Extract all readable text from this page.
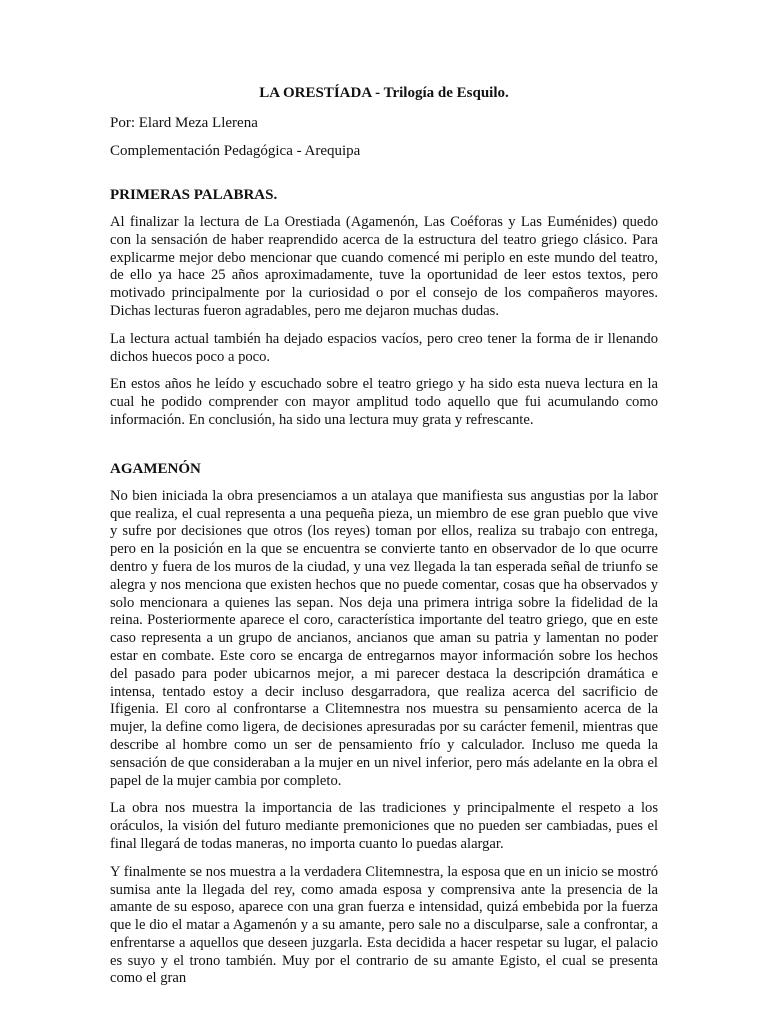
LA ORESTÍADA - Trilogía de Esquilo.
Por: Elard Meza Llerena
Complementación Pedagógica - Arequipa
PRIMERAS PALABRAS.

Al finalizar la lectura de La Orestiada (Agamenón, Las Coéforas y Las Euménides) quedo con la sensación de haber reaprendido acerca de la estructura del teatro griego clásico. Para explicarme mejor debo mencionar que cuando comencé mi periplo en este mundo del teatro, de ello ya hace 25 años aproximadamente, tuve la oportunidad de leer estos textos, pero motivado principalmente por la curiosidad o por el consejo de los compañeros mayores. Dichas lecturas fueron agradables, pero me dejaron muchas dudas.

La lectura actual también ha dejado espacios vacíos, pero creo tener la forma de ir llenando dichos huecos poco a poco.

En estos años he leído y escuchado sobre el teatro griego y ha sido esta nueva lectura en la cual he podido comprender con mayor amplitud todo aquello que fui acumulando como información. En conclusión, ha sido una lectura muy grata y refrescante.

AGAMENÓN

No bien iniciada la obra presenciamos a un atalaya que manifiesta sus angustias por la labor que realiza, el cual representa a una pequeña pieza, un miembro de ese gran pueblo que vive y sufre por decisiones que otros (los reyes) toman por ellos, realiza su trabajo con entrega, pero en la posición en la que se encuentra se convierte tanto en observador de lo que ocurre dentro y fuera de los muros de la ciudad, y una vez llegada la tan esperada señal de triunfo se alegra y nos menciona que existen hechos que no puede comentar, cosas que ha observados y solo mencionara a quienes las sepan. Nos deja una primera intriga sobre la fidelidad de la reina. Posteriormente aparece el coro, característica importante del teatro griego, que en este caso representa a un grupo de ancianos, ancianos que aman su patria y lamentan no poder estar en combate. Este coro se encarga de entregarnos mayor información sobre los hechos del pasado para poder ubicarnos mejor, a mi parecer destaca la descripción dramática e intensa, tentado estoy a decir incluso desgarradora, que realiza acerca del sacrificio de Ifigenia. El coro al confrontarse a Clitemnestra nos muestra su pensamiento acerca de la mujer, la define como ligera, de decisiones apresuradas por su carácter femenil, mientras que describe al hombre como un ser de pensamiento frío y calculador. Incluso me queda la sensación de que consideraban a la mujer en un nivel inferior, pero más adelante en la obra el papel de la mujer cambia por completo.

La obra nos muestra la importancia de las tradiciones y principalmente el respeto a los oráculos, la visión del futuro mediante premoniciones que no pueden ser cambiadas, pues el final llegará de todas maneras, no importa cuanto lo puedas alargar.

Y finalmente se nos muestra a la verdadera Clitemnestra, la esposa que en un inicio se mostró sumisa ante la llegada del rey, como amada esposa y comprensiva ante la presencia de la amante de su esposo, aparece con una gran fuerza e intensidad, quizá embebida por la fuerza que le dio el matar a Agamenón y a su amante, pero sale no a disculparse, sale a confrontar, a enfrentarse a aquellos que deseen juzgarla. Esta decidida a hacer respetar su lugar, el palacio es suyo y el trono también. Muy por el contrario de su amante Egisto, el cual se presenta como el gran
